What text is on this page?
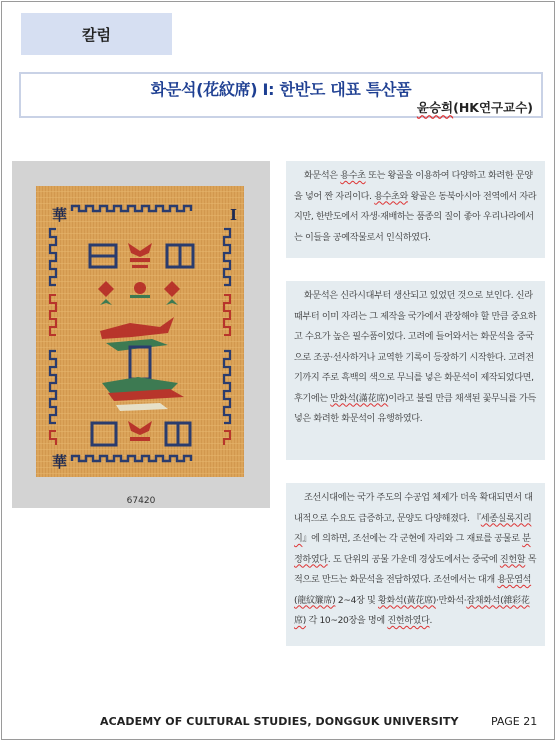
칼럼
화문석(花紋席) Ⅰ: 한반도 대표 특산품
윤승희(HK연구교수)
華	I
華
67420
화문석은 용수초 또는 왕골을 이용하여 다양하고 화려한 문양을 넣어 짠 자리이다. 용수초와 왕골은 동북아시아 전역에서 자라지만, 한반도에서 자생·재배하는 품종의 질이 좋아 우리나라에서는 이들을 공예작물로서 인식하였다.
화문석은 신라시대부터 생산되고 있었던 것으로 보인다. 신라 때부터 이미 자리는 그 제작을 국가에서 관장해야 할 만큼 중요하고 수요가 높은 필수품이었다. 고려에 들어와서는 화문석을 중국으로 조공·선사하거나 교역한 기록이 등장하기 시작한다. 고려전기까지 주로 흑백의 색으로 무늬를 넣은 화문석이 제작되었다면, 후기에는 만화석(滿花席)이라고 불릴 만큼 채색된 꽃무늬를 가득 넣은 화려한 화문석이 유행하였다.
조선시대에는 국가 주도의 수공업 체제가 더욱 확대되면서 대내적으로 수요도 급증하고, 문양도 다양해졌다. 『세종실록지리지』에 의하면, 조선에는 각 군현에 자리와 그 재료를 공물로 분정하였다. 도 단위의 공물 가운데 경상도에서는 중국에 진헌할 목적으로 만드는 화문석을 전담하였다. 조선에서는 대개 용문염석(龍紋簾席) 2~4장 및 황화석(黃花席)·만화석·잡채화석(雜彩花席) 각 10~20장을 명에 진헌하였다.
ACADEMY OF CULTURAL STUDIES, DONGGUK UNIVERSITY	PAGE 21
